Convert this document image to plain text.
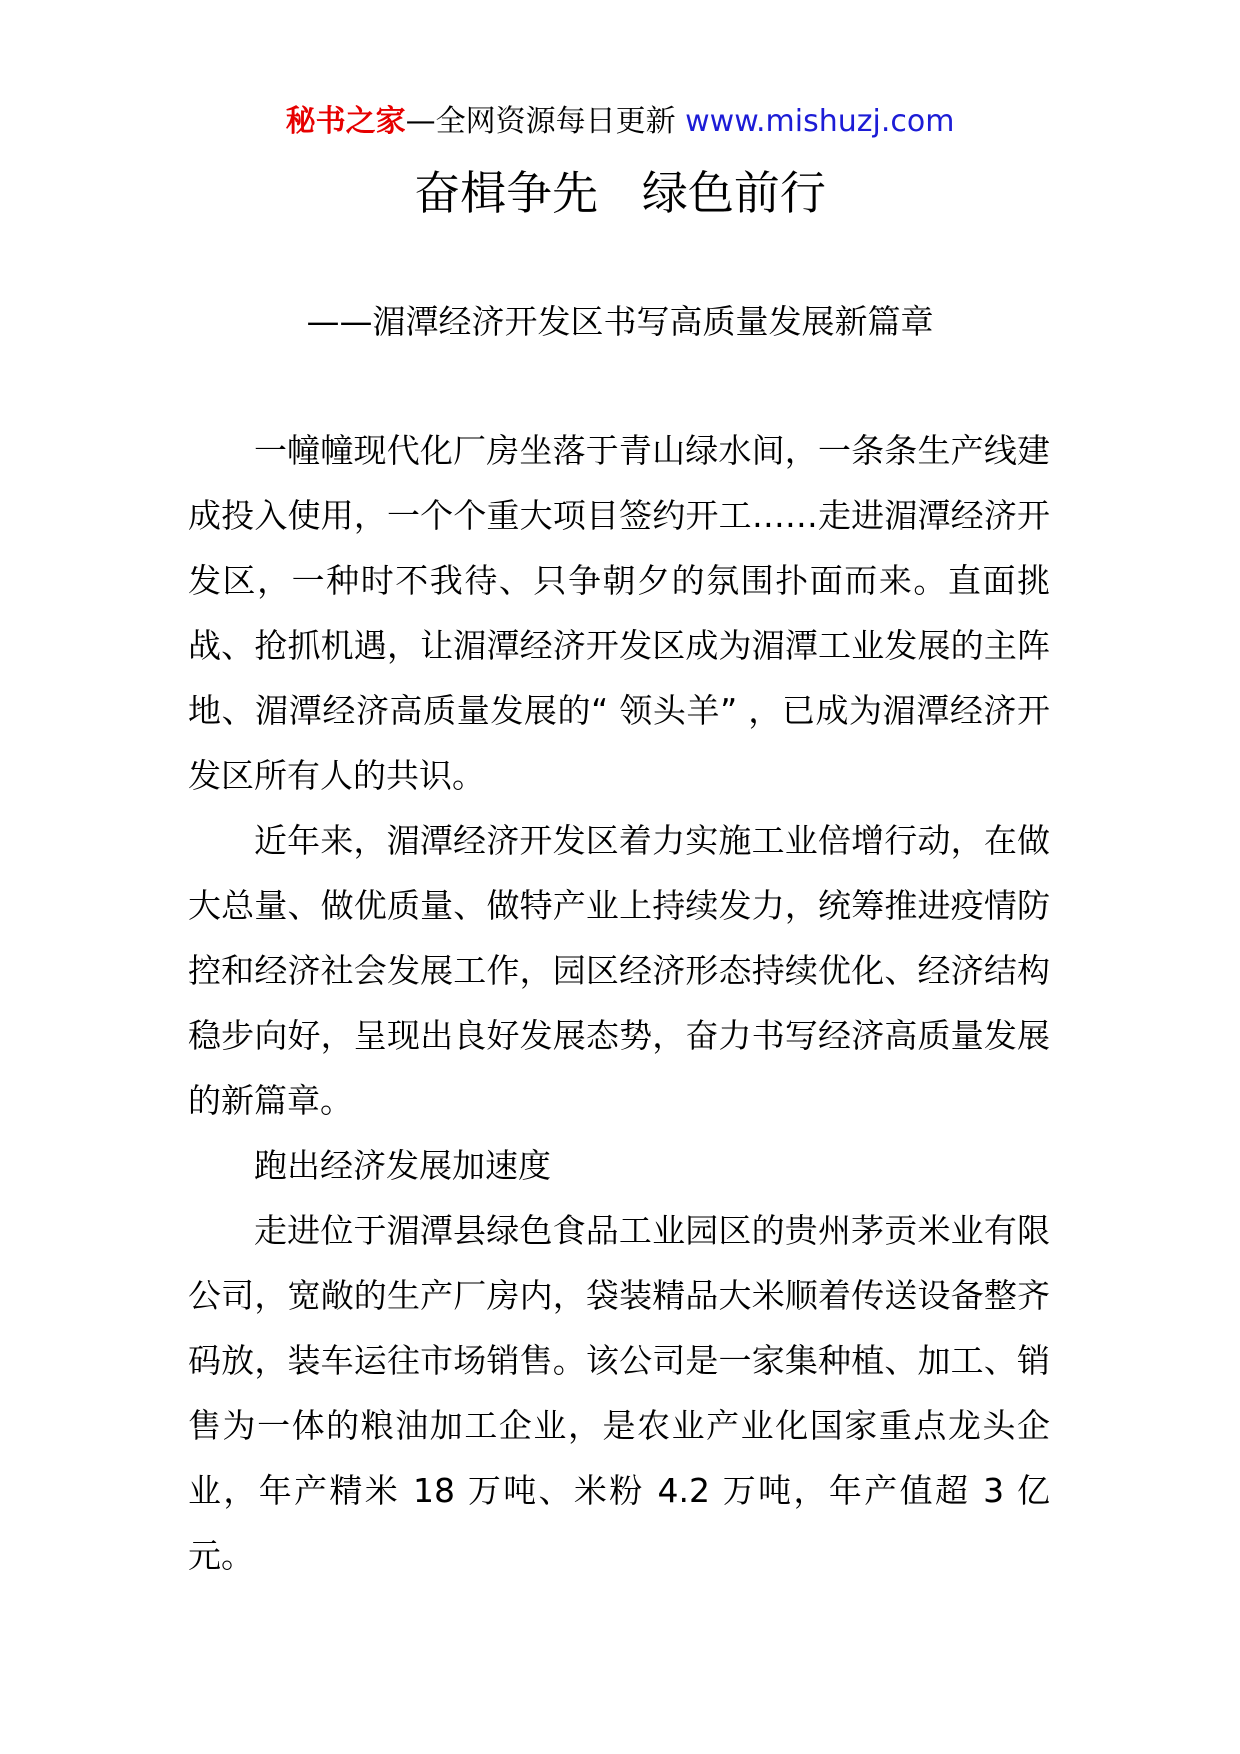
秘书之家—全网资源每日更新 www.mishuzj.com
奋楫争先   绿色前行
——湄潭经济开发区书写高质量发展新篇章

一幢幢现代化厂房坐落于青山绿水间，一条条生产线建成投入使用，一个个重大项目签约开工……走进湄潭经济开发区，一种时不我待、只争朝夕的氛围扑面而来。直面挑战、抢抓机遇，让湄潭经济开发区成为湄潭工业发展的主阵地、湄潭经济高质量发展的“ 领头羊” ，已成为湄潭经济开发区所有人的共识。

近年来，湄潭经济开发区着力实施工业倍增行动，在做大总量、做优质量、做特产业上持续发力，统筹推进疫情防控和经济社会发展工作，园区经济形态持续优化、经济结构稳步向好，呈现出良好发展态势，奋力书写经济高质量发展的新篇章。

跑出经济发展加速度

走进位于湄潭县绿色食品工业园区的贵州茅贡米业有限公司，宽敞的生产厂房内，袋装精品大米顺着传送设备整齐码放，装车运往市场销售。该公司是一家集种植、加工、销售为一体的粮油加工企业，是农业产业化国家重点龙头企业，年产精米 18 万吨、米粉 4.2 万吨，年产值超 3 亿元。
